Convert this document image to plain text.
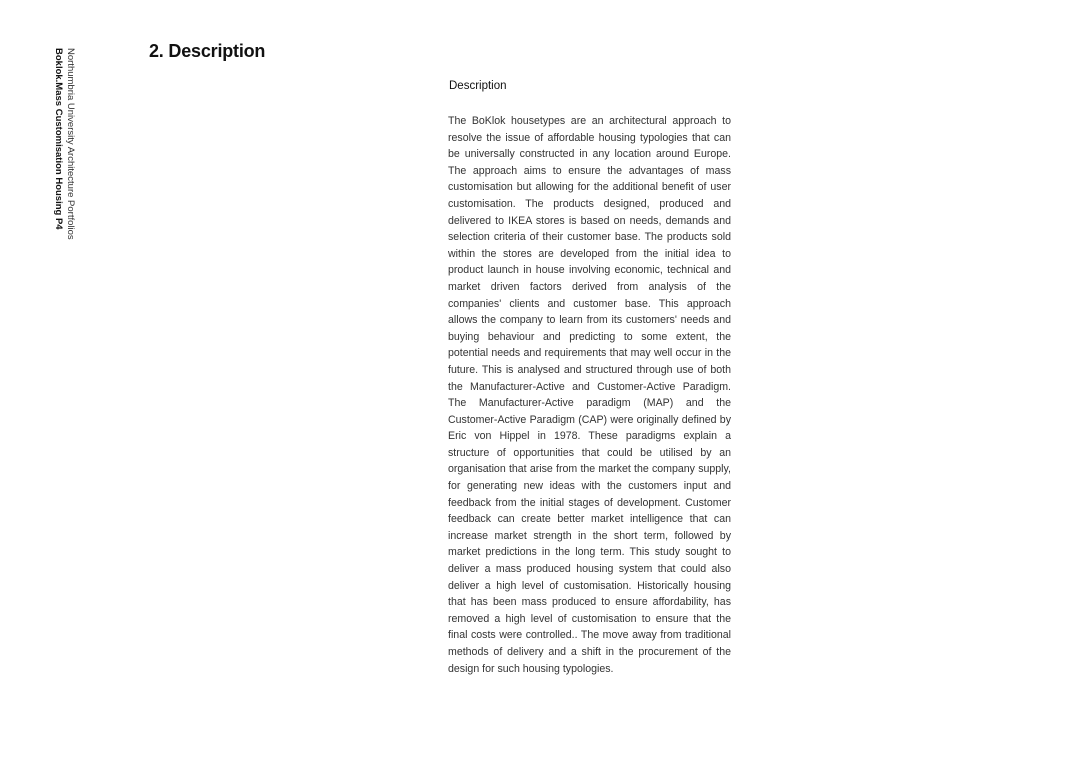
Northumbria University Architecture Portfolios
Boklok.Mass Customisation Housing P4	2. Description
Description

The BoKlok housetypes are an architectural approach to resolve the issue of affordable housing typologies that can be universally constructed in any location around Europe. The approach aims to ensure the advantages of mass customisation but allowing for the additional benefit of user customisation. The products designed, produced and delivered to IKEA stores is based on needs, demands and selection criteria of their customer base. The products sold within the stores are developed from the initial idea to product launch in house involving economic, technical and market driven factors derived from analysis of the companies' clients and customer base. This approach allows the company to learn from its customers' needs and buying behaviour and predicting to some extent, the potential needs and requirements that may well occur in the future. This is analysed and structured through use of both the Manufacturer-Active and Customer-Active Paradigm. The Manufacturer-Active paradigm (MAP) and the Customer-Active Paradigm (CAP) were originally defined by Eric von Hippel in 1978. These paradigms explain a structure of opportunities that could be utilised by an organisation that arise from the market the company supply, for generating new ideas with the customers input and feedback from the initial stages of development. Customer feedback can create better market intelligence that can increase market strength in the short term, followed by market predictions in the long term. This study sought to deliver a mass produced housing system that could also deliver a high level of customisation. Historically housing that has been mass produced to ensure affordability, has removed a high level of customisation to ensure that the final costs were controlled.. The move away from traditional methods of delivery and a shift in the procurement of the design for such housing typologies.
